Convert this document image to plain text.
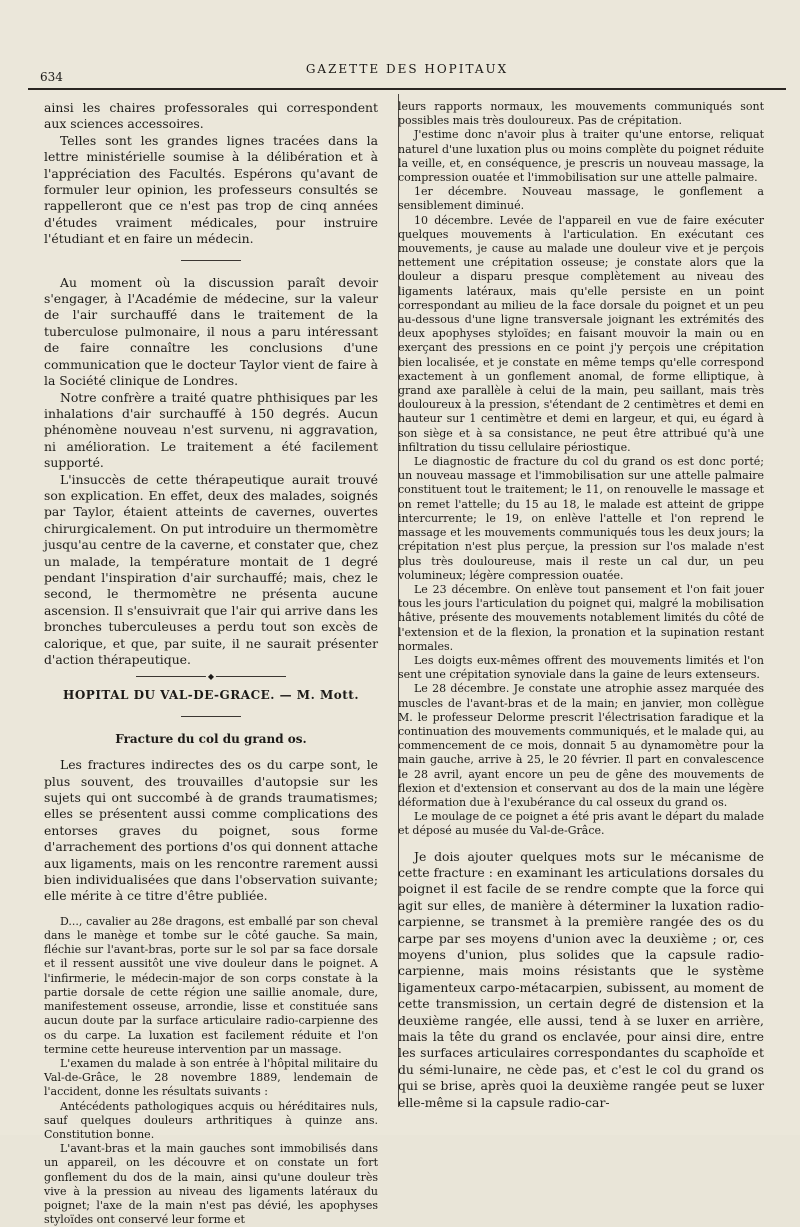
634
GAZETTE DES HOPITAUX

ainsi les chaires professorales qui correspondent aux sciences accessoires.

Telles sont les grandes lignes tracées dans la lettre ministérielle soumise à la délibération et à l'appréciation des Facultés. Espérons qu'avant de formuler leur opinion, les professeurs consultés se rappelleront que ce n'est pas trop de cinq années d'études vraiment médicales, pour instruire l'étudiant et en faire un médecin.

Au moment où la discussion paraît devoir s'engager, à l'Académie de médecine, sur la valeur de l'air surchauffé dans le traitement de la tuberculose pulmonaire, il nous a paru intéressant de faire connaître les conclusions d'une communication que le docteur Taylor vient de faire à la Société clinique de Londres.

Notre confrère a traité quatre phthisiques par les inhalations d'air surchauffé à 150 degrés. Aucun phénomène nouveau n'est survenu, ni aggravation, ni amélioration. Le traitement a été facilement supporté.

L'insuccès de cette thérapeutique aurait trouvé son explication. En effet, deux des malades, soignés par Taylor, étaient atteints de cavernes, ouvertes chirurgicalement. On put introduire un thermomètre jusqu'au centre de la caverne, et constater que, chez un malade, la température montait de 1 degré pendant l'inspiration d'air surchauffé; mais, chez le second, le thermomètre ne présenta aucune ascension. Il s'ensuivrait que l'air qui arrive dans les bronches tuberculeuses a perdu tout son excès de calorique, et que, par suite, il ne saurait présenter d'action thérapeutique.

◆
HOPITAL DU VAL-DE-GRACE. — M. Mott.
Fracture du col du grand os.

Les fractures indirectes des os du carpe sont, le plus souvent, des trouvailles d'autopsie sur les sujets qui ont succombé à de grands traumatismes; elles se présentent aussi comme complications des entorses graves du poignet, sous forme d'arrachement des portions d'os qui donnent attache aux ligaments, mais on les rencontre rarement aussi bien individualisées que dans l'observation suivante; elle mérite à ce titre d'être publiée.

D..., cavalier au 28e dragons, est emballé par son cheval dans le manège et tombe sur le côté gauche. Sa main, fléchie sur l'avant-bras, porte sur le sol par sa face dorsale et il ressent aussitôt une vive douleur dans le poignet. A l'infirmerie, le médecin-major de son corps constate à la partie dorsale de cette région une saillie anomale, dure, manifestement osseuse, arrondie, lisse et constituée sans aucun doute par la surface articulaire radio-carpienne des os du carpe. La luxation est facilement réduite et l'on termine cette heureuse intervention par un massage.

L'examen du malade à son entrée à l'hôpital militaire du Val-de-Grâce, le 28 novembre 1889, lendemain de l'accident, donne les résultats suivants :

Antécédents pathologiques acquis ou héréditaires nuls, sauf quelques douleurs arthritiques à quinze ans. Constitution bonne.

L'avant-bras et la main gauches sont immobilisés dans un appareil, on les découvre et on constate un fort gonflement du dos de la main, ainsi qu'une douleur très vive à la pression au niveau des ligaments latéraux du poignet; l'axe de la main n'est pas dévié, les apophyses styloïdes ont conservé leur forme et

leurs rapports normaux, les mouvements communiqués sont possibles mais très douloureux. Pas de crépitation.

J'estime donc n'avoir plus à traiter qu'une entorse, reliquat naturel d'une luxation plus ou moins complète du poignet réduite la veille, et, en conséquence, je prescris un nouveau massage, la compression ouatée et l'immobilisation sur une attelle palmaire.

1er décembre. Nouveau massage, le gonflement a sensiblement diminué.

10 décembre. Levée de l'appareil en vue de faire exécuter quelques mouvements à l'articulation. En exécutant ces mouvements, je cause au malade une douleur vive et je perçois nettement une crépitation osseuse; je constate alors que la douleur a disparu presque complètement au niveau des ligaments latéraux, mais qu'elle persiste en un point correspondant au milieu de la face dorsale du poignet et un peu au-dessous d'une ligne transversale joignant les extrémités des deux apophyses styloïdes; en faisant mouvoir la main ou en exerçant des pressions en ce point j'y perçois une crépitation bien localisée, et je constate en même temps qu'elle correspond exactement à un gonflement anomal, de forme elliptique, à grand axe parallèle à celui de la main, peu saillant, mais très douloureux à la pression, s'étendant de 2 centimètres et demi en hauteur sur 1 centimètre et demi en largeur, et qui, eu égard à son siège et à sa consistance, ne peut être attribué qu'à une infiltration du tissu cellulaire périostique.

Le diagnostic de fracture du col du grand os est donc porté; un nouveau massage et l'immobilisation sur une attelle palmaire constituent tout le traitement; le 11, on renouvelle le massage et on remet l'attelle; du 15 au 18, le malade est atteint de grippe intercurrente; le 19, on enlève l'attelle et l'on reprend le massage et les mouvements communiqués tous les deux jours; la crépitation n'est plus perçue, la pression sur l'os malade n'est plus très douloureuse, mais il reste un cal dur, un peu volumineux; légère compression ouatée.

Le 23 décembre. On enlève tout pansement et l'on fait jouer tous les jours l'articulation du poignet qui, malgré la mobilisation hâtive, présente des mouvements notablement limités du côté de l'extension et de la flexion, la pronation et la supination restant normales.

Les doigts eux-mêmes offrent des mouvements limités et l'on sent une crépitation synoviale dans la gaine de leurs extenseurs.

Le 28 décembre. Je constate une atrophie assez marquée des muscles de l'avant-bras et de la main; en janvier, mon collègue M. le professeur Delorme prescrit l'électrisation faradique et la continuation des mouvements communiqués, et le malade qui, au commencement de ce mois, donnait 5 au dynamomètre pour la main gauche, arrive à 25, le 20 février. Il part en convalescence le 28 avril, ayant encore un peu de gêne des mouvements de flexion et d'extension et conservant au dos de la main une légère déformation due à l'exubérance du cal osseux du grand os.

Le moulage de ce poignet a été pris avant le départ du malade et déposé au musée du Val-de-Grâce.

Je dois ajouter quelques mots sur le mécanisme de cette fracture : en examinant les articulations dorsales du poignet il est facile de se rendre compte que la force qui agit sur elles, de manière à déterminer la luxation radio-carpienne, se transmet à la première rangée des os du carpe par ses moyens d'union avec la deuxième ; or, ces moyens d'union, plus solides que la capsule radio-carpienne, mais moins résistants que le système ligamenteux carpo-métacarpien, subissent, au moment de cette transmission, un certain degré de distension et la deuxième rangée, elle aussi, tend à se luxer en arrière, mais la tête du grand os enclavée, pour ainsi dire, entre les surfaces articulaires correspondantes du scaphoïde et du sémi-lunaire, ne cède pas, et c'est le col du grand os qui se brise, après quoi la deuxième rangée peut se luxer elle-même si la capsule radio-car-
